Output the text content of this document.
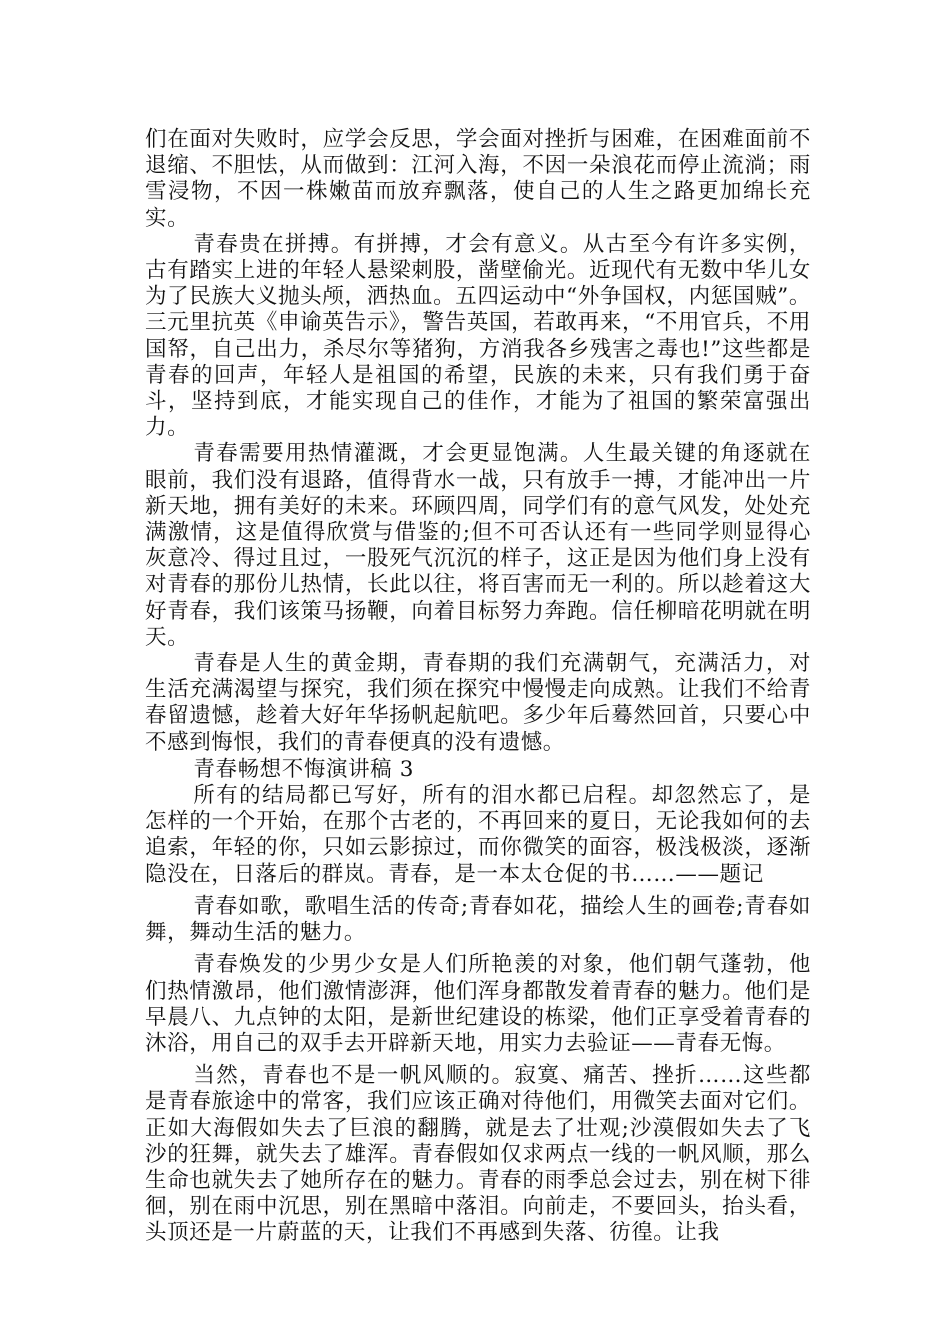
们在面对失败时，应学会反思，学会面对挫折与困难，在困难面前不退缩、不胆怯，从而做到：江河入海，不因一朵浪花而停止流淌；雨雪浸物，不因一株嫩苗而放弃飘落，使自己的人生之路更加绵长充实。

青春贵在拼搏。有拼搏，才会有意义。从古至今有许多实例，古有踏实上进的年轻人悬梁刺股，凿壁偷光。近现代有无数中华儿女为了民族大义抛头颅，洒热血。五四运动中“外争国权，内惩国贼”。三元里抗英《申谕英告示》，警告英国，若敢再来，“不用官兵，不用国帑，自己出力，杀尽尔等猪狗，方消我各乡残害之毒也!”这些都是青春的回声，年轻人是祖国的希望，民族的未来，只有我们勇于奋斗，坚持到底，才能实现自己的佳作，才能为了祖国的繁荣富强出力。

青春需要用热情灌溉，才会更显饱满。人生最关键的角逐就在眼前，我们没有退路，值得背水一战，只有放手一搏，才能冲出一片新天地，拥有美好的未来。环顾四周，同学们有的意气风发，处处充满激情，这是值得欣赏与借鉴的;但不可否认还有一些同学则显得心灰意冷、得过且过，一股死气沉沉的样子，这正是因为他们身上没有对青春的那份儿热情，长此以往，将百害而无一利的。所以趁着这大好青春，我们该策马扬鞭，向着目标努力奔跑。信任柳暗花明就在明天。

青春是人生的黄金期，青春期的我们充满朝气，充满活力，对生活充满渴望与探究，我们须在探究中慢慢走向成熟。让我们不给青春留遗憾，趁着大好年华扬帆起航吧。多少年后蓦然回首，只要心中不感到悔恨，我们的青春便真的没有遗憾。

青春畅想不悔演讲稿 3

所有的结局都已写好，所有的泪水都已启程。却忽然忘了，是怎样的一个开始，在那个古老的，不再回来的夏日，无论我如何的去追索，年轻的你，只如云影掠过，而你微笑的面容，极浅极淡，逐渐隐没在，日落后的群岚。青春，是一本太仓促的书……——题记

青春如歌，歌唱生活的传奇;青春如花，描绘人生的画卷;青春如舞，舞动生活的魅力。

青春焕发的少男少女是人们所艳羡的对象，他们朝气蓬勃，他们热情激昂，他们激情澎湃，他们浑身都散发着青春的魅力。他们是早晨八、九点钟的太阳，是新世纪建设的栋梁，他们正享受着青春的沐浴，用自己的双手去开辟新天地，用实力去验证——青春无悔。

当然，青春也不是一帆风顺的。寂寞、痛苦、挫折……这些都是青春旅途中的常客，我们应该正确对待他们，用微笑去面对它们。正如大海假如失去了巨浪的翻腾，就是去了壮观;沙漠假如失去了飞沙的狂舞，就失去了雄浑。青春假如仅求两点一线的一帆风顺，那么生命也就失去了她所存在的魅力。青春的雨季总会过去，别在树下徘徊，别在雨中沉思，别在黑暗中落泪。向前走，不要回头，抬头看，头顶还是一片蔚蓝的天，让我们不再感到失落、彷徨。让我
